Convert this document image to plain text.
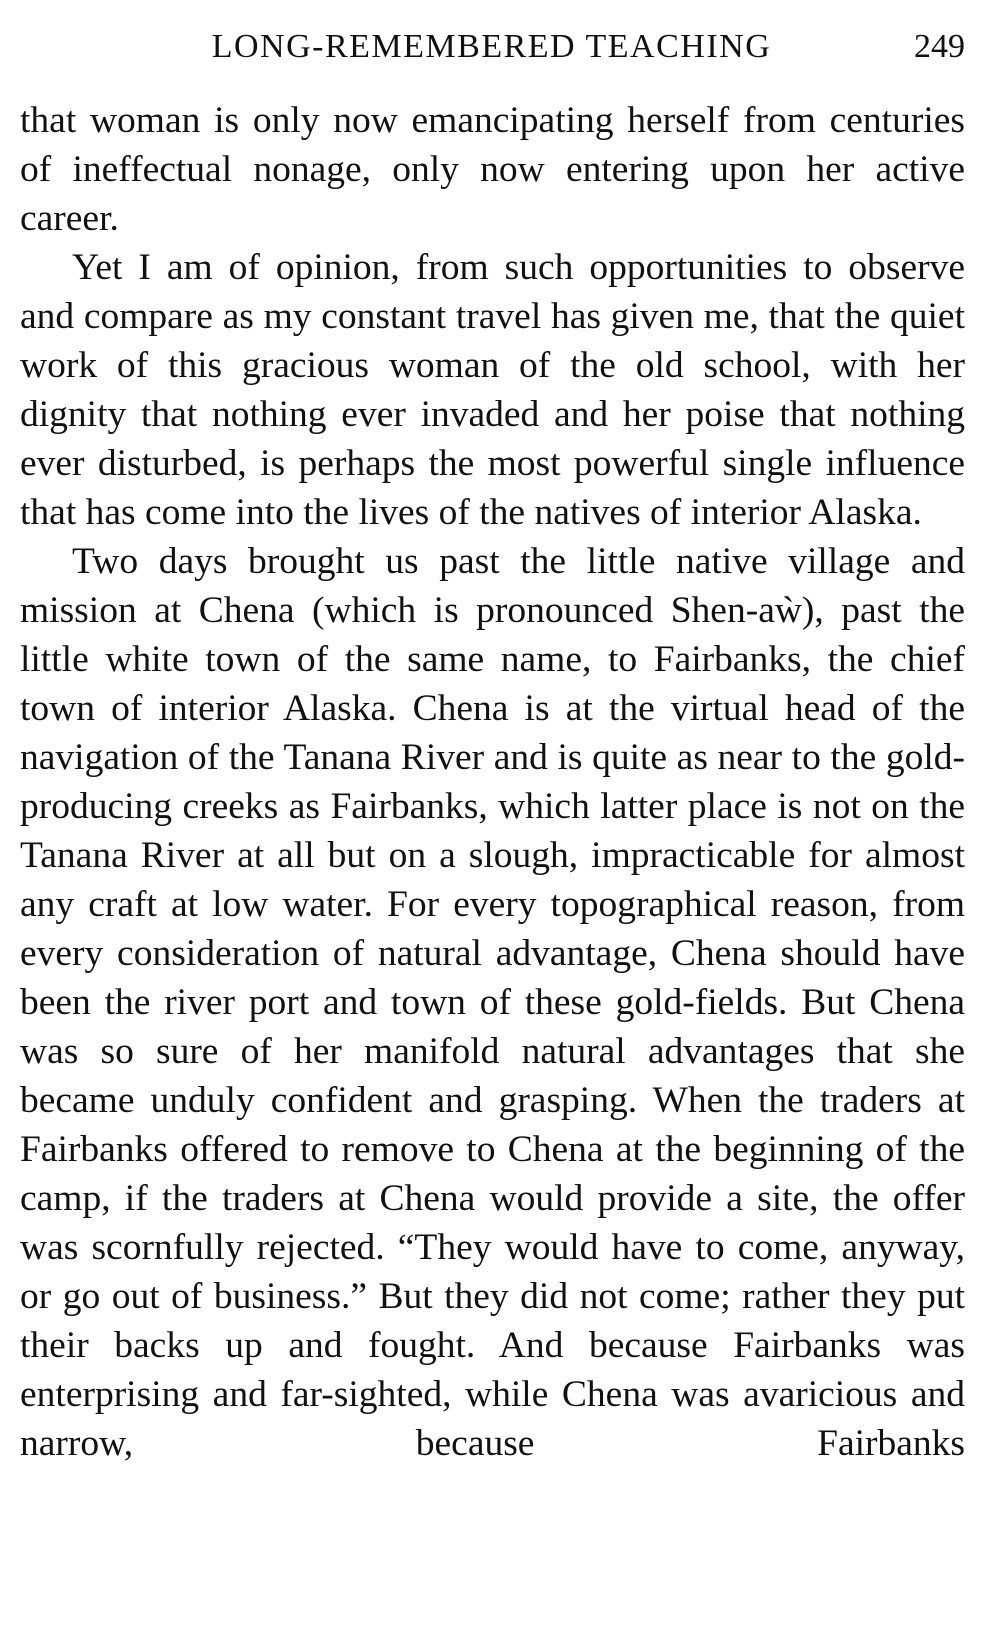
LONG-REMEMBERED TEACHING	249

that woman is only now emancipating herself from centuries of ineffectual nonage, only now entering upon her active career.

Yet I am of opinion, from such opportunities to observe and compare as my constant travel has given me, that the quiet work of this gracious woman of the old school, with her dignity that nothing ever invaded and her poise that nothing ever disturbed, is perhaps the most powerful single influence that has come into the lives of the natives of interior Alaska.

Two days brought us past the little native village and mission at Chena (which is pronounced Shen-aẁ), past the little white town of the same name, to Fairbanks, the chief town of interior Alaska. Chena is at the virtual head of the navigation of the Tanana River and is quite as near to the gold-producing creeks as Fairbanks, which latter place is not on the Tanana River at all but on a slough, impracticable for almost any craft at low water. For every topographical reason, from every consideration of natural advantage, Chena should have been the river port and town of these gold-fields. But Chena was so sure of her manifold natural advantages that she became unduly confident and grasping. When the traders at Fairbanks offered to remove to Chena at the beginning of the camp, if the traders at Chena would provide a site, the offer was scornfully rejected. “They would have to come, anyway, or go out of business.” But they did not come; rather they put their backs up and fought. And because Fairbanks was enterprising and far-sighted, while Chena was avaricious and narrow, because Fairbanks
